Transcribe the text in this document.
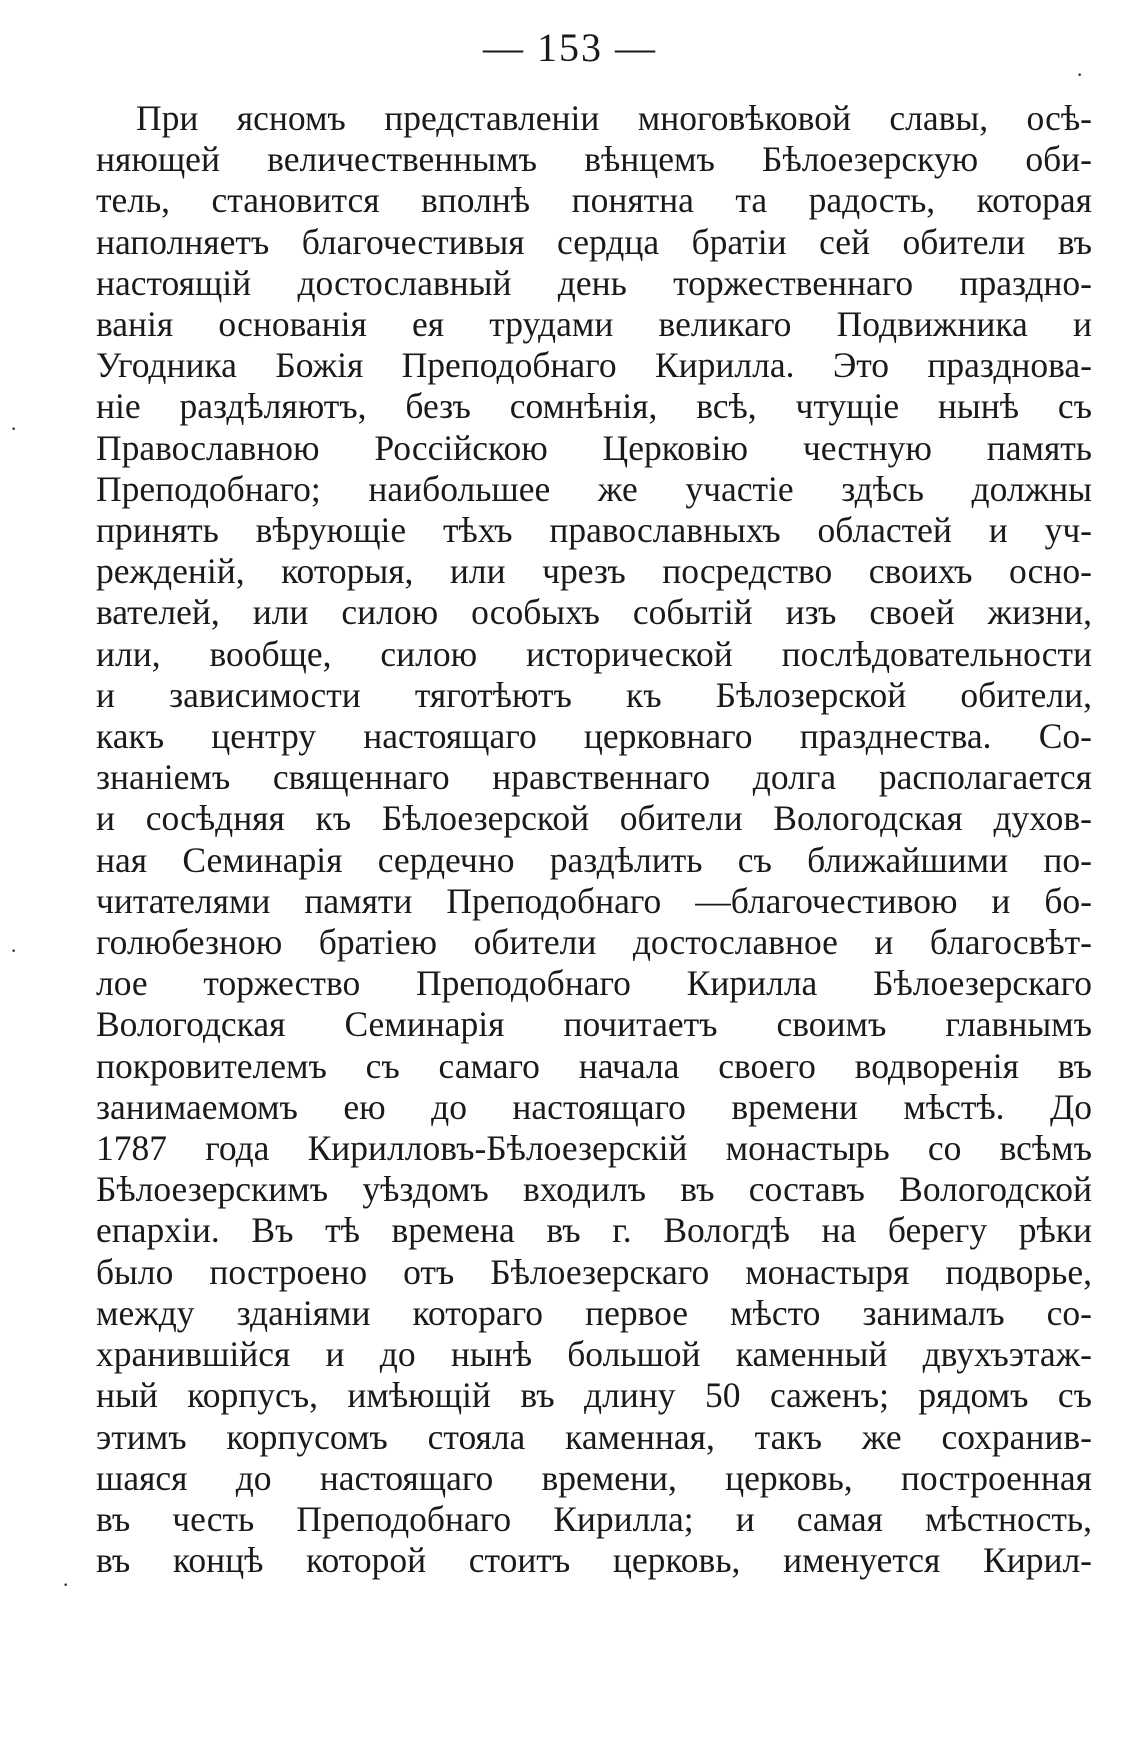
— 153 —
При ясномъ представленіи многовѣковой славы, осѣ-
няющей величественнымъ вѣнцемъ Бѣлоезерскую оби-
тель, становится вполнѣ понятна та радость, которая
наполняетъ благочестивыя сердца братіи сей обители въ
настоящій достославный день торжественнаго праздно-
ванія основанія ея трудами великаго Подвижника и
Угодника Божія Преподобнаго Кирилла. Это празднова-
ніе раздѣляютъ, безъ сомнѣнія, всѣ, чтущіе нынѣ съ
Православною Россійскою Церковію честную память
Преподобнаго; наибольшее же участіе здѣсь должны
принять вѣрующіе тѣхъ православныхъ областей и уч-
режденій, которыя, или чрезъ посредство своихъ осно-
вателей, или силою особыхъ событій изъ своей жизни,
или, вообще, силою исторической послѣдовательности
и зависимости тяготѣютъ къ Бѣлозерской обители,
какъ центру настоящаго церковнаго празднества. Со-
знаніемъ священнаго нравственнаго долга располагается
и сосѣдняя къ Бѣлоезерской обители Вологодская духов-
ная Семинарія сердечно раздѣлить съ ближайшими по-
читателями памяти Преподобнаго —благочестивою и бо-
голюбезною братіею обители достославное и благосвѣт-
лое торжество Преподобнаго Кирилла Бѣлоезерскаго
Вологодская Семинарія почитаетъ своимъ главнымъ
покровителемъ съ самаго начала своего водворенія въ
занимаемомъ ею до настоящаго времени мѣстѣ. До
1787 года Кирилловъ-Бѣлоезерскій монастырь со всѣмъ
Бѣлоезерскимъ уѣздомъ входилъ въ составъ Вологодской
епархіи. Въ тѣ времена въ г. Вологдѣ на берегу рѣки
было построено отъ Бѣлоезерскаго монастыря подворье,
между зданіями котораго первое мѣсто занималъ со-
хранившійся и до нынѣ большой каменный двухъэтаж-
ный корпусъ, имѣющій въ длину 50 саженъ; рядомъ съ
этимъ корпусомъ стояла каменная, такъ же сохранив-
шаяся до настоящаго времени, церковь, построенная
въ честь Преподобнаго Кирилла; и самая мѣстность,
въ концѣ которой стоитъ церковь, именуется Кирил-
·
·
·
·
